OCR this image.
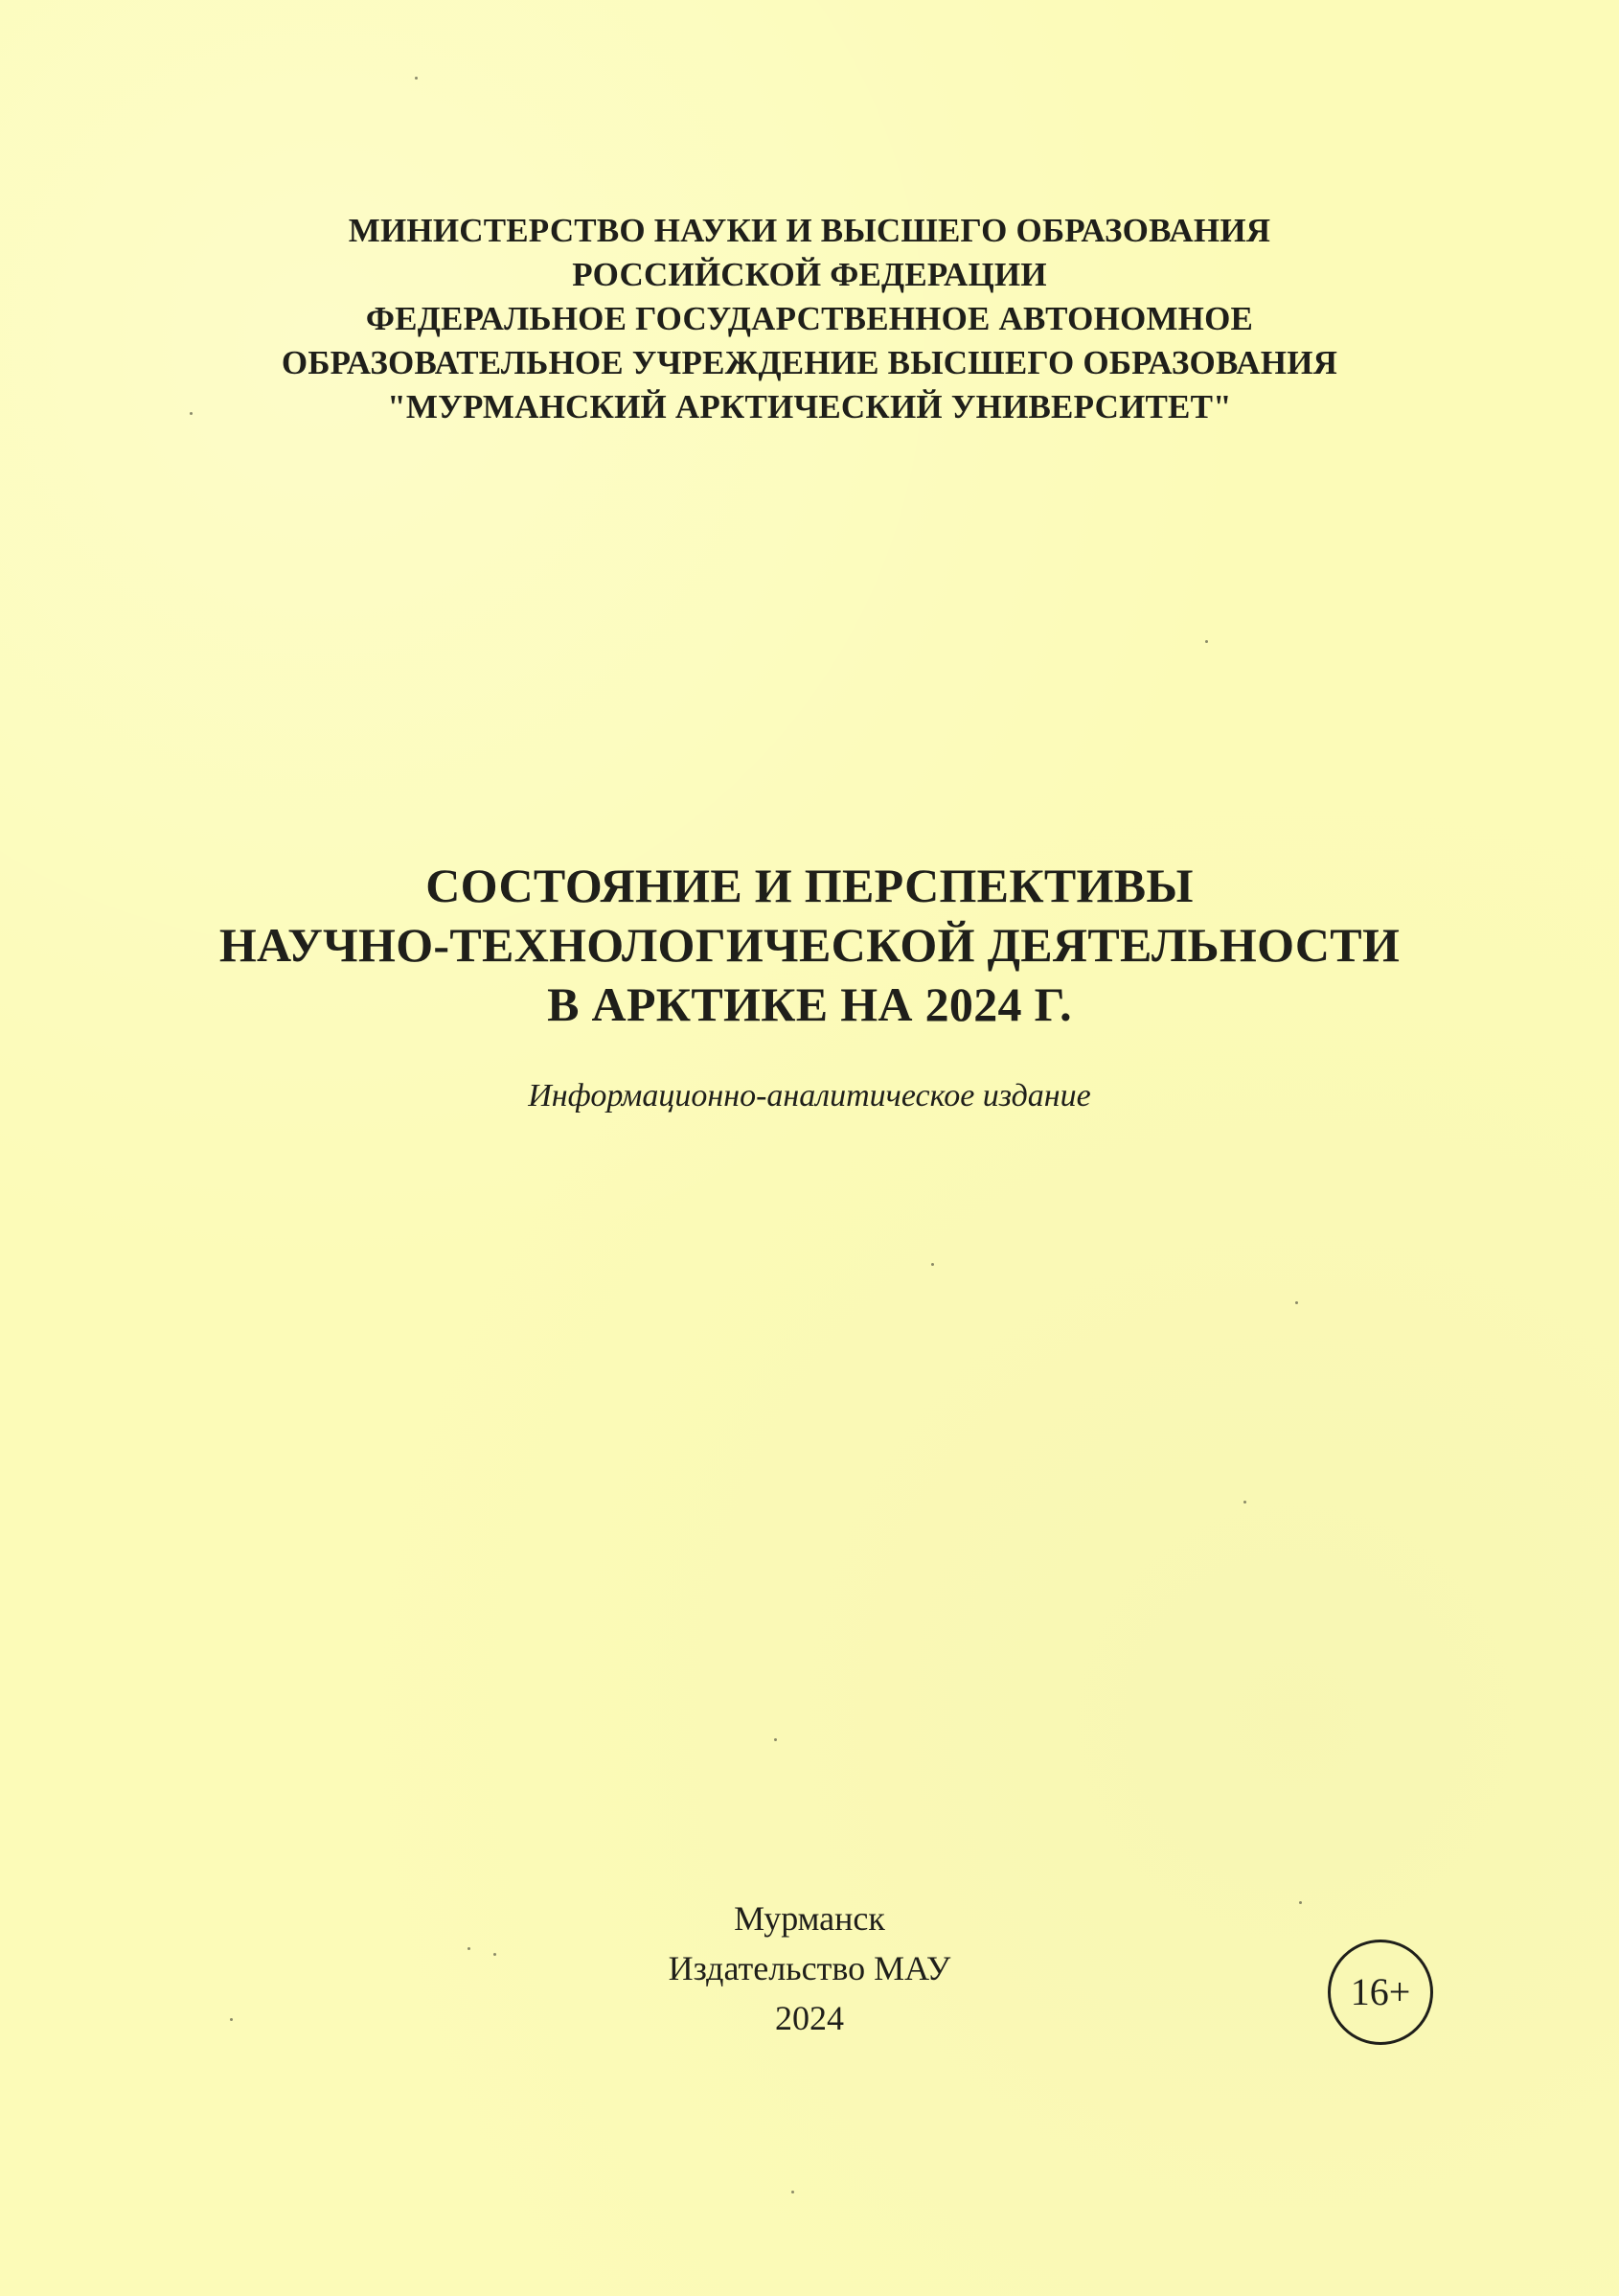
МИНИСТЕРСТВО НАУКИ И ВЫСШЕГО ОБРАЗОВАНИЯ
РОССИЙСКОЙ ФЕДЕРАЦИИ
ФЕДЕРАЛЬНОЕ ГОСУДАРСТВЕННОЕ АВТОНОМНОЕ
ОБРАЗОВАТЕЛЬНОЕ УЧРЕЖДЕНИЕ ВЫСШЕГО ОБРАЗОВАНИЯ
"МУРМАНСКИЙ АРКТИЧЕСКИЙ УНИВЕРСИТЕТ"
СОСТОЯНИЕ И ПЕРСПЕКТИВЫ
НАУЧНО-ТЕХНОЛОГИЧЕСКОЙ ДЕЯТЕЛЬНОСТИ
В АРКТИКЕ НА 2024 Г.
Информационно-аналитическое издание
Мурманск
Издательство МАУ
2024
16+
